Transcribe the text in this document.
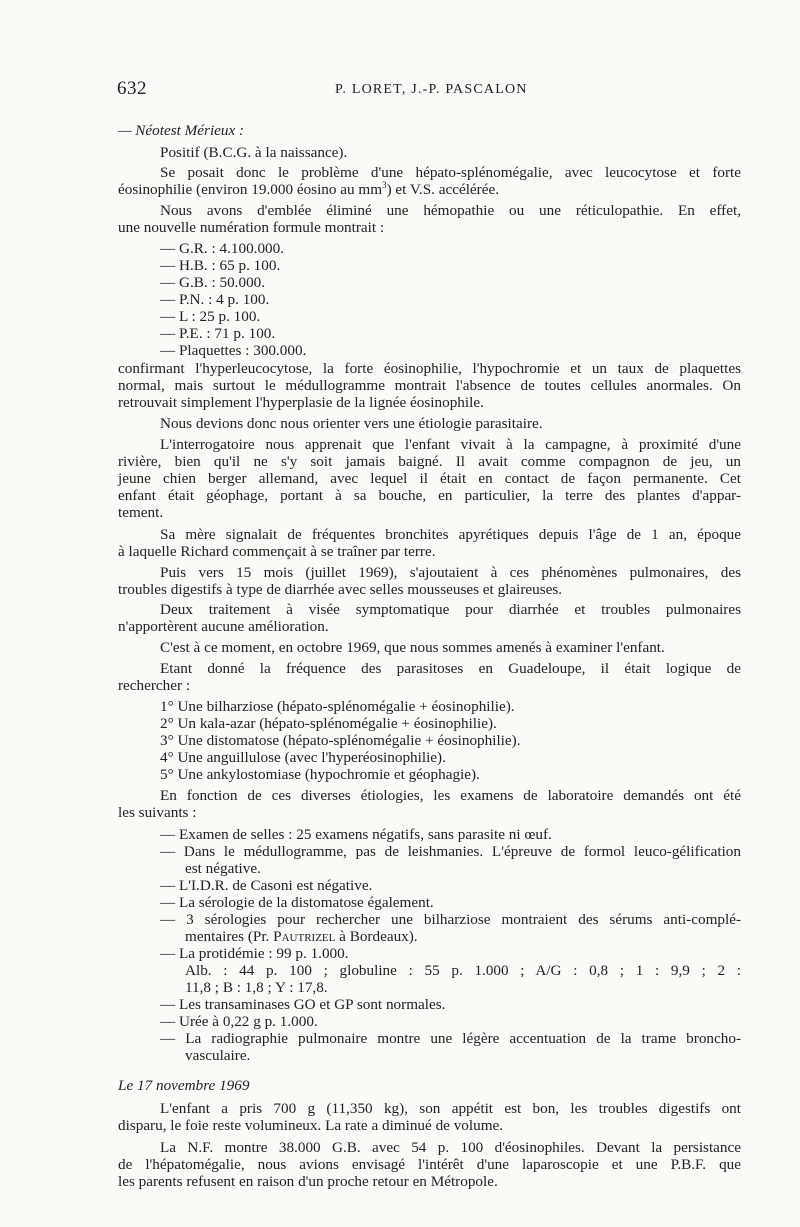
632	P. LORET, J.-P. PASCALON
— Néotest Mérieux :
Positif (B.C.G. à la naissance).
Se posait donc le problème d'une hépato-splénomégalie, avec leucocytose et forte
éosinophilie (environ 19.000 éosino au $mm^3$) et V.S. accélérée.
Nous avons d'emblée éliminé une hémopathie ou une réticulopathie. En effet,
une nouvelle numération formule montrait :
— G.R. : 4.100.000.
— H.B. : 65 p. 100.
— G.B. : 50.000.
— P.N. : 4 p. 100.
— L : 25 p. 100.
— P.E. : 71 p. 100.
— Plaquettes : 300.000.
confirmant l'hyperleucocytose, la forte éosinophilie, l'hypochromie et un taux de plaquettes
normal, mais surtout le médullogramme montrait l'absence de toutes cellules anormales. On
retrouvait simplement l'hyperplasie de la lignée éosinophile.
Nous devions donc nous orienter vers une étiologie parasitaire.
L'interrogatoire nous apprenait que l'enfant vivait à la campagne, à proximité d'une
rivière, bien qu'il ne s'y soit jamais baigné. Il avait comme compagnon de jeu, un
jeune chien berger allemand, avec lequel il était en contact de façon permanente. Cet
enfant était géophage, portant à sa bouche, en particulier, la terre des plantes d'appar-
tement.
Sa mère signalait de fréquentes bronchites apyrétiques depuis l'âge de 1 an, époque
à laquelle Richard commençait à se traîner par terre.
Puis vers 15 mois (juillet 1969), s'ajoutaient à ces phénomènes pulmonaires, des
troubles digestifs à type de diarrhée avec selles mousseuses et glaireuses.
Deux traitement à visée symptomatique pour diarrhée et troubles pulmonaires
n'apportèrent aucune amélioration.
C'est à ce moment, en octobre 1969, que nous sommes amenés à examiner l'enfant.
Etant donné la fréquence des parasitoses en Guadeloupe, il était logique de
rechercher :
1° Une bilharziose (hépato-splénomégalie + éosinophilie).
2° Un kala-azar (hépato-splénomégalie + éosinophilie).
3° Une distomatose (hépato-splénomégalie + éosinophilie).
4° Une anguillulose (avec l'hyperéosinophilie).
5° Une ankylostomiase (hypochromie et géophagie).
En fonction de ces diverses étiologies, les examens de laboratoire demandés ont été
les suivants :
— Examen de selles : 25 examens négatifs, sans parasite ni œuf.
— Dans le médullogramme, pas de leishmanies. L'épreuve de formol leuco-gélification
est négative.
— L'I.D.R. de Casoni est négative.
— La sérologie de la distomatose également.
— 3 sérologies pour rechercher une bilharziose montraient des sérums anti-complé-
mentaires (Pr. Pautrizel à Bordeaux).
— La protidémie : 99 p. 1.000.
Alb. : 44 p. 100 ; globuline : 55 p. 1.000 ; A/G : 0,8 ; 1 : 9,9 ; 2 :
11,8 ; B : 1,8 ; Y : 17,8.
— Les transaminases GO et GP sont normales.
— Urée à 0,22 g p. 1.000.
— La radiographie pulmonaire montre une légère accentuation de la trame broncho-
vasculaire.
Le 17 novembre 1969
L'enfant a pris 700 g (11,350 kg), son appétit est bon, les troubles digestifs ont
disparu, le foie reste volumineux. La rate a diminué de volume.
La N.F. montre 38.000 G.B. avec 54 p. 100 d'éosinophiles. Devant la persistance
de l'hépatomégalie, nous avions envisagé l'intérêt d'une laparoscopie et une P.B.F. que
les parents refusent en raison d'un proche retour en Métropole.
